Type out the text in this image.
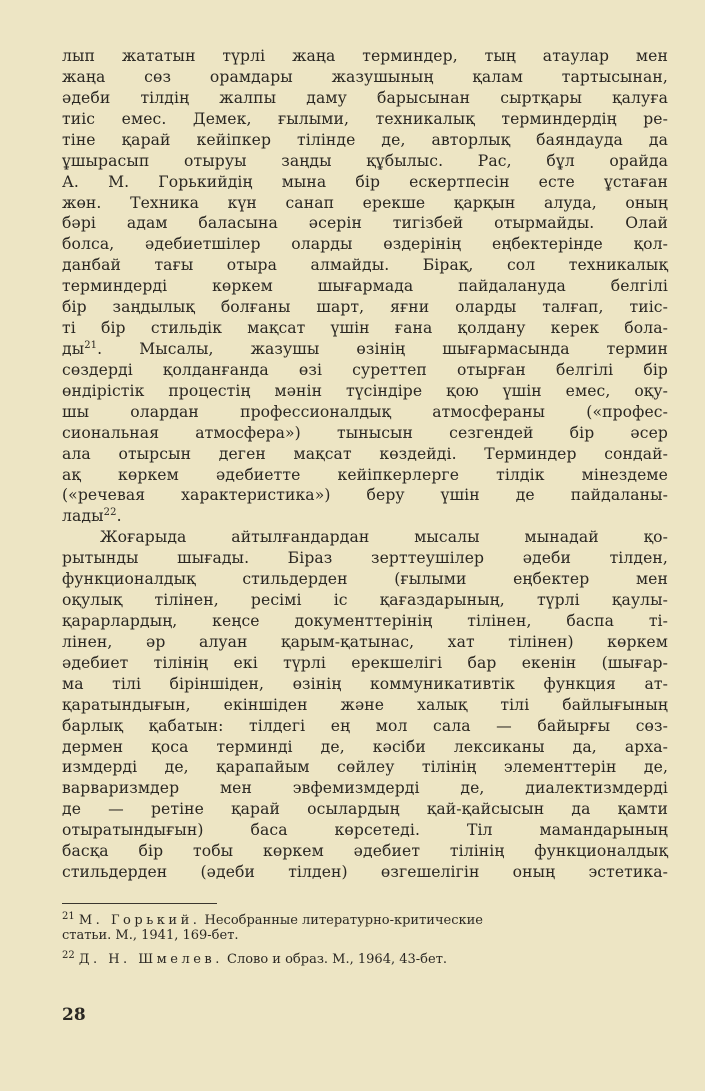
лып жататын түрлі жаңа терминдер, тың атаулар мен
жаңа сөз орамдары жазушының қалам тартысынан,
әдеби тілдің жалпы даму барысынан сыртқары қалуға
тиіс емес. Демек, ғылыми, техникалық терминдердің ре-
тіне қарай кейіпкер тілінде де, авторлық баяндауда да
ұшырасып отыруы заңды құбылыс. Рас, бұл орайда
А. М. Горькийдің мына бір ескертпесін есте ұстаған
жөн. Техника күн санап ерекше қарқын алуда, оның
бәрі адам баласына әсерін тигізбей отырмайды. Олай
болса, әдебиетшілер оларды өздерінің еңбектерінде қол-
данбай тағы отыра алмайды. Бірақ, сол техникалық
терминдерді көркем шығармада пайдалануда белгілі
бір заңдылық болғаны шарт, яғни оларды талғап, тиіс-
ті бір стильдік мақсат үшін ғана қолдану керек бола-
$ды^{21}$. Мысалы, жазушы өзінің шығармасында термин
сөздерді қолданғанда өзі суреттеп отырған белгілі бір
өндірістік процестің мәнін түсіндіре қою үшін емес, оқу-
шы олардан профессионалдық атмосфераны («профес-
сиональная атмосфера») тынысын сезгендей бір әсер
ала отырсын деген мақсат көздейді. Терминдер сондай-
ақ көркем әдебиетте кейіпкерлерге тілдік мінездеме
(«речевая характеристика») беру үшін де пайдаланы-
лады$^{22}$.
Жоғарыда айтылғандардан мысалы мынадай қо-
рытынды шығады. Біраз зерттеушілер әдеби тілден,
функционалдық стильдерден (ғылыми еңбектер мен
оқулық тілінен, ресімі іс қағаздарының, түрлі қаулы-
қарарлардың, кеңсе документтерінің тілінен, баспа ті-
лінен, әр алуан қарым-қатынас, хат тілінен) көркем
әдебиет тілінің екі түрлі ерекшелігі бар екенін (шығар-
ма тілі біріншіден, өзінің коммуникативтік функция ат-
қаратындығын, екіншіден және халық тілі байлығының
барлық қабатын: тілдегі ең мол сала — байырғы сөз-
дермен қоса терминді де, кәсіби лексиканы да, арха-
измдерді де, қарапайым сөйлеу тілінің элементтерін де,
варваризмдер мен эвфемизмдерді де, диалектизмдерді
де — ретіне қарай осылардың қай-қайсысын да қамти
отыратындығын) баса көрсетеді. Тіл мамандарының
басқа бір тобы көркем әдебиет тілінің функционалдық
стильдерден (әдеби тілден) өзгешелігін оның эстетика-
$^{21}$ М. Горький. Несобранные литературно-критические
статьи. М., 1941, 169-бет.
$^{22}$ Д. Н. Шмелев. Слово и образ. М., 1964, 43-бет.
28
